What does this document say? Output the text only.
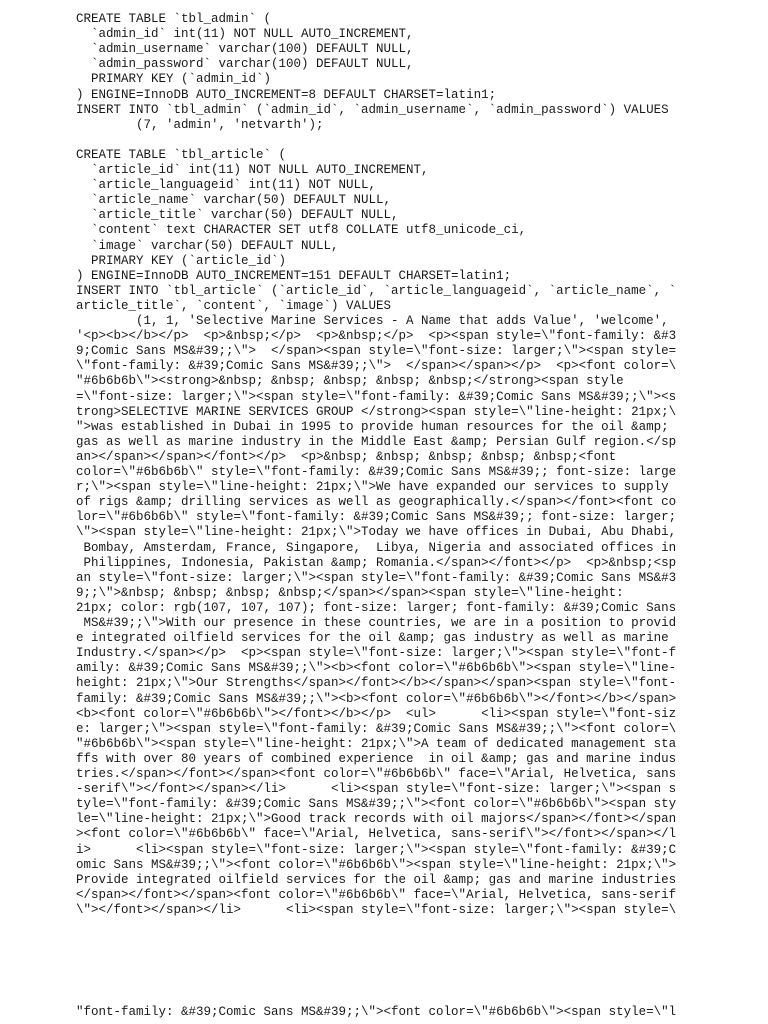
CREATE TABLE `tbl_admin` (
`admin_id` int(11) NOT NULL AUTO_INCREMENT,
`admin_username` varchar(100) DEFAULT NULL,
`admin_password` varchar(100) DEFAULT NULL,
PRIMARY KEY (`admin_id`)
) ENGINE=InnoDB AUTO_INCREMENT=8 DEFAULT CHARSET=latin1;
INSERT INTO `tbl_admin` (`admin_id`, `admin_username`, `admin_password`) VALUES
(7, 'admin', 'netvarth');
CREATE TABLE `tbl_article` (
`article_id` int(11) NOT NULL AUTO_INCREMENT,
`article_languageid` int(11) NOT NULL,
`article_name` varchar(50) DEFAULT NULL,
`article_title` varchar(50) DEFAULT NULL,
`content` text CHARACTER SET utf8 COLLATE utf8_unicode_ci,
`image` varchar(50) DEFAULT NULL,
PRIMARY KEY (`article_id`)
) ENGINE=InnoDB AUTO_INCREMENT=151 DEFAULT CHARSET=latin1;
INSERT INTO `tbl_article` (`article_id`, `article_languageid`, `article_name`, `
article_title`, `content`, `image`) VALUES
(1, 1, 'Selective Marine Services - A Name that adds Value', 'welcome',
'<p><b></b></p>  <p>&nbsp;</p>  <p>&nbsp;</p>  <p><span style=\"font-family: &#3
9;Comic Sans MS&#39;;\">  </span><span style=\"font-size: larger;\"><span style=
\"font-family: &#39;Comic Sans MS&#39;;\">  </span></span></p>  <p><font color=\
"#6b6b6b\"><strong>&nbsp; &nbsp; &nbsp; &nbsp; &nbsp;</strong><span style
=\"font-size: larger;\"><span style=\"font-family: &#39;Comic Sans MS&#39;;\"><s
trong>SELECTIVE MARINE SERVICES GROUP </strong><span style=\"line-height: 21px;\
">was established in Dubai in 1995 to provide human resources for the oil &amp;
gas as well as marine industry in the Middle East &amp; Persian Gulf region.</sp
an></span></span></font></p>  <p>&nbsp; &nbsp; &nbsp; &nbsp; &nbsp;<font
color=\"#6b6b6b\" style=\"font-family: &#39;Comic Sans MS&#39;; font-size: large
r;\"><span style=\"line-height: 21px;\">We have expanded our services to supply
of rigs &amp; drilling services as well as geographically.</span></font><font co
lor=\"#6b6b6b\" style=\"font-family: &#39;Comic Sans MS&#39;; font-size: larger;
\"><span style=\"line-height: 21px;\">Today we have offices in Dubai, Abu Dhabi,
Bombay, Amsterdam, France, Singapore,  Libya, Nigeria and associated offices in
Philippines, Indonesia, Pakistan &amp; Romania.</span></font></p>  <p>&nbsp;<sp
an style=\"font-size: larger;\"><span style=\"font-family: &#39;Comic Sans MS&#3
9;;\">&nbsp; &nbsp; &nbsp; &nbsp;</span></span><span style=\"line-height:
21px; color: rgb(107, 107, 107); font-size: larger; font-family: &#39;Comic Sans
MS&#39;;\">With our presence in these countries, we are in a position to provid
e integrated oilfield services for the oil &amp; gas industry as well as marine
Industry.</span></p>  <p><span style=\"font-size: larger;\"><span style=\"font-f
amily: &#39;Comic Sans MS&#39;;\"><b><font color=\"#6b6b6b\"><span style=\"line-
height: 21px;\">Our Strengths</span></font></b></span></span><span style=\"font-
family: &#39;Comic Sans MS&#39;;\"><b><font color=\"#6b6b6b\"></font></b></span>
<b><font color=\"#6b6b6b\"></font></b></p>  <ul>      <li><span style=\"font-siz
e: larger;\"><span style=\"font-family: &#39;Comic Sans MS&#39;;\"><font color=\
"#6b6b6b\"><span style=\"line-height: 21px;\">A team of dedicated management sta
ffs with over 80 years of combined experience  in oil &amp; gas and marine indus
tries.</span></font></span><font color=\"#6b6b6b\" face=\"Arial, Helvetica, sans
-serif\"></font></span></li>      <li><span style=\"font-size: larger;\"><span s
tyle=\"font-family: &#39;Comic Sans MS&#39;;\"><font color=\"#6b6b6b\"><span sty
le=\"line-height: 21px;\">Good track records with oil majors</span></font></span
><font color=\"#6b6b6b\" face=\"Arial, Helvetica, sans-serif\"></font></span></l
i>      <li><span style=\"font-size: larger;\"><span style=\"font-family: &#39;C
omic Sans MS&#39;;\"><font color=\"#6b6b6b\"><span style=\"line-height: 21px;\">
Provide integrated oilfield services for the oil &amp; gas and marine industries
</span></font></span><font color=\"#6b6b6b\" face=\"Arial, Helvetica, sans-serif
\"></font></span></li>      <li><span style=\"font-size: larger;\"><span style=\
"font-family: &#39;Comic Sans MS&#39;;\"><font color=\"#6b6b6b\"><span style=\"l
